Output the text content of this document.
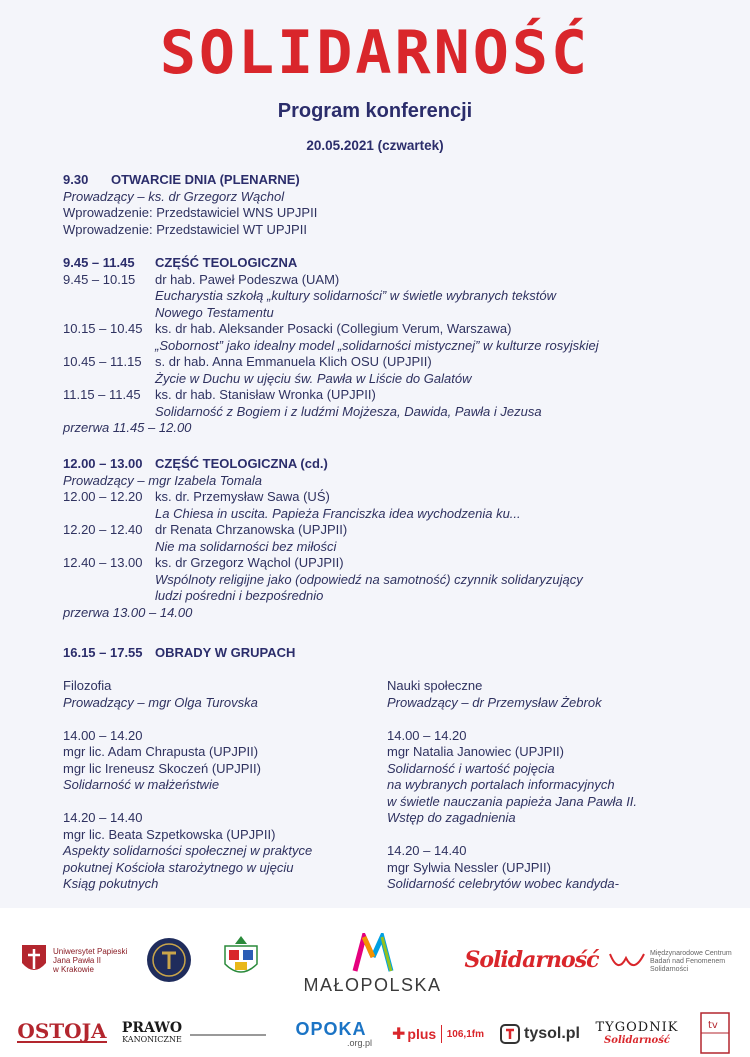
SOLIDARNOŚĆ
Program konferencji
20.05.2021 (czwartek)
9.30 OTWARCIE DNIA (PLENARNE)
Prowadzący – ks. dr Grzegorz Wąchol
Wprowadzenie: Przedstawiciel WNS UPJPII
Wprowadzenie: Przedstawiciel WT UPJPII
9.45 – 11.45 CZĘŚĆ TEOLOGICZNA
9.45 – 10.15	dr hab. Paweł Podeszwa (UAM)
Eucharystia szkołą „kultury solidarności” w świetle wybranych tekstów
Nowego Testamentu
10.15 – 10.45 ks. dr hab. Aleksander Posacki (Collegium Verum, Warszawa)
„Sobornost” jako idealny model „solidarności mistycznej” w kulturze rosyjskiej
10.45 – 11.15	s. dr hab. Anna Emmanuela Klich OSU (UPJPII)
Życie w Duchu w ujęciu św. Pawła w Liście do Galatów
11.15 – 11.45	ks. dr hab. Stanisław Wronka (UPJPII)
Solidarność z Bogiem i z ludźmi Mojżesza, Dawida, Pawła i Jezusa
przerwa 11.45 – 12.00
12.00 – 13.00 CZĘŚĆ TEOLOGICZNA (cd.)
Prowadzący – mgr Izabela Tomala
12.00 – 12.20 ks. dr. Przemysław Sawa (UŚ)
La Chiesa in uscita. Papieża Franciszka idea wychodzenia ku...
12.20 – 12.40 dr Renata Chrzanowska (UPJPII)
Nie ma solidarności bez miłości
12.40 – 13.00 ks. dr Grzegorz Wąchol (UPJPII)
Wspólnoty religijne jako (odpowiedź na samotność) czynnik solidaryzujący
ludzi pośredni i bezpośrednio
przerwa 13.00 – 14.00
16.15 – 17.55 OBRADY W GRUPACH
Filozofia
Prowadzący – mgr Olga Turovska
14.00 – 14.20
mgr lic. Adam Chrapusta (UPJPII)
mgr lic Ireneusz Skoczeń (UPJPII)
Solidarność w małżeństwie
14.20 – 14.40
mgr lic. Beata Szpetkowska (UPJPII)
Aspekty solidarności społecznej w praktyce
pokutnej Kościoła starożytnego w ujęciu
Ksiąg pokutnych
Nauki społeczne
Prowadzący – dr Przemysław Żebrok
14.00 – 14.20
mgr Natalia Janowiec (UPJPII)
Solidarność i wartość pojęcia
na wybranych portalach informacyjnych
w świetle nauczania papieża Jana Pawła II.
Wstęp do zagadnienia
14.20 – 14.40
mgr Sylwia Nessler (UPJPII)
Solidarność celebrytów wobec kandyda-
Uniwersytet Papieski
Jana Pawła II
w Krakowie
MAŁOPOLSKA
Solidarność	Międzynarodowe Centrum
Badań nad Fenomenem
Solidarności
OSTOJA PRAWO
KANONICZNE	OPOKA
.org.pl ✚ plus 106,1fm tysol.pl TYGODNIK
Solidarność
tv
